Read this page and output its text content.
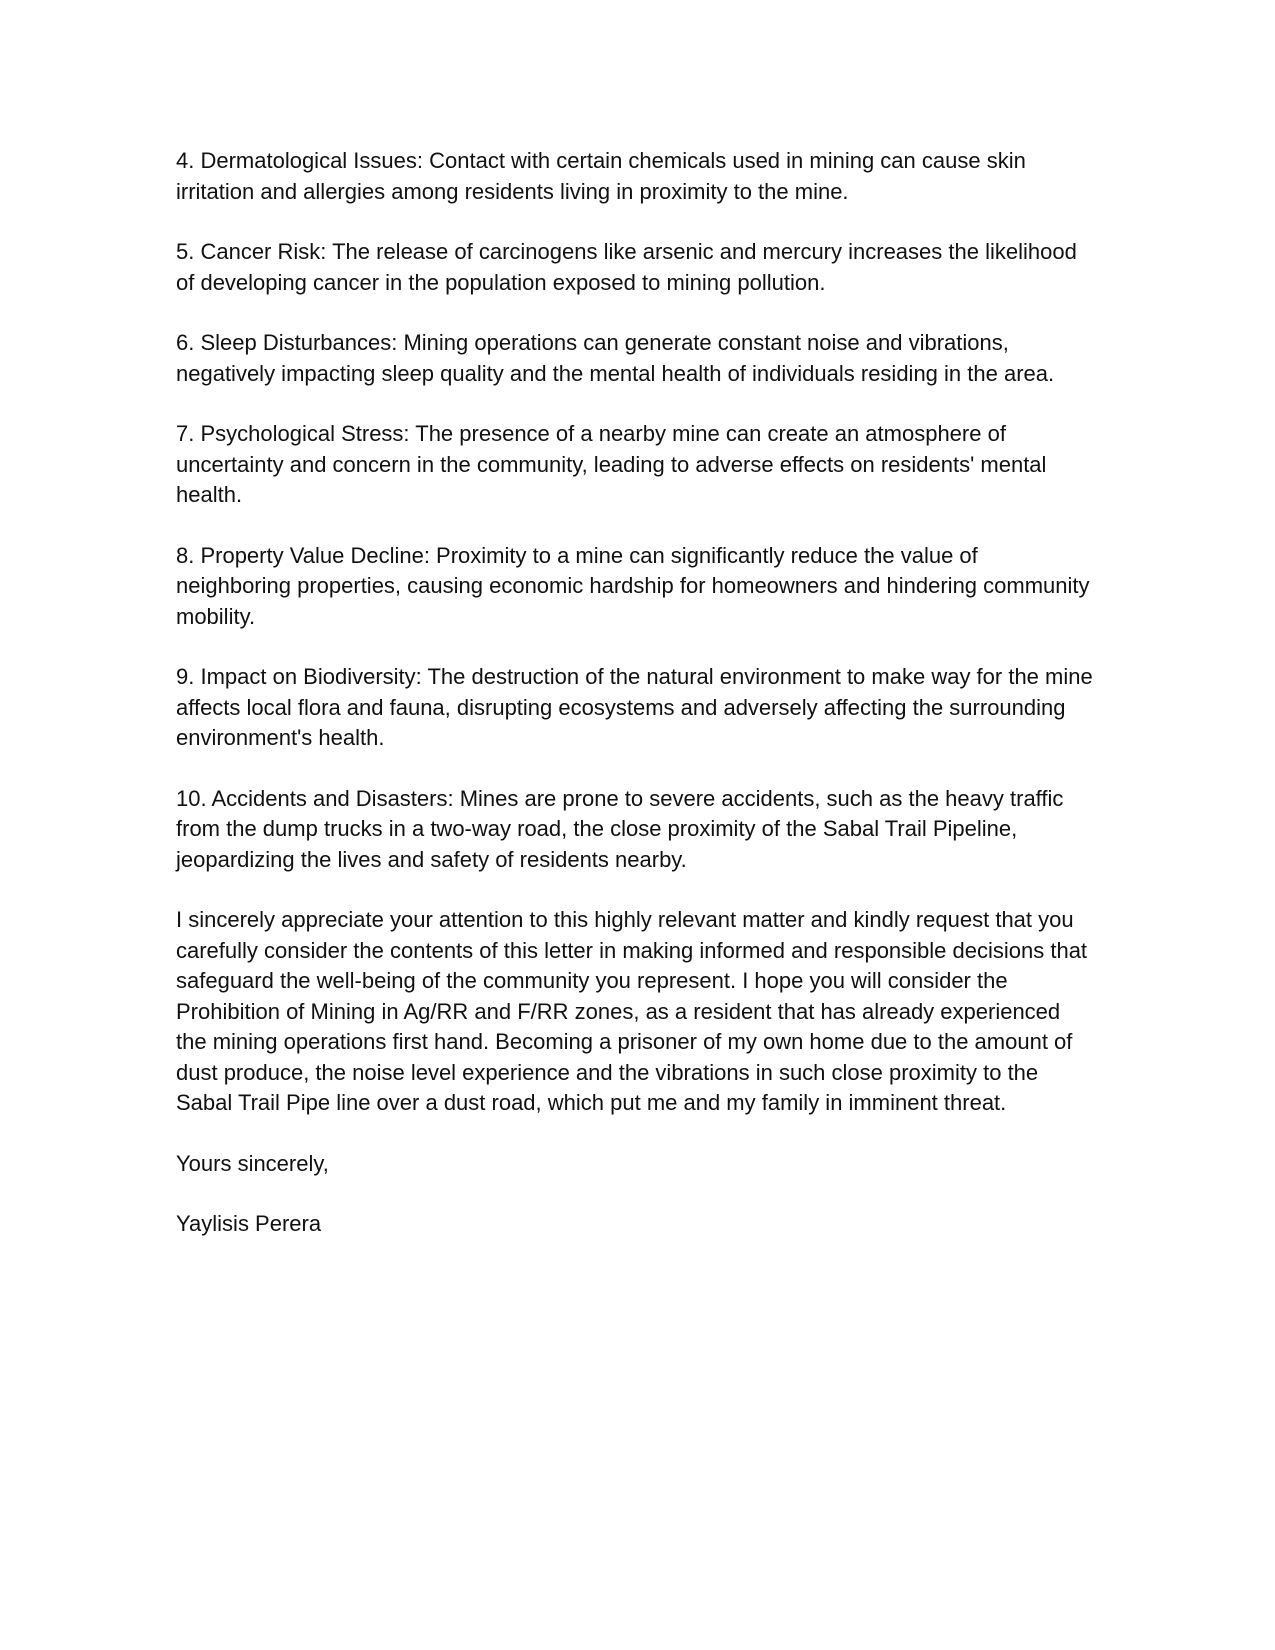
4. Dermatological Issues: Contact with certain chemicals used in mining can cause skin irritation and allergies among residents living in proximity to the mine.

5. Cancer Risk: The release of carcinogens like arsenic and mercury increases the likelihood of developing cancer in the population exposed to mining pollution.

6. Sleep Disturbances: Mining operations can generate constant noise and vibrations, negatively impacting sleep quality and the mental health of individuals residing in the area.

7. Psychological Stress: The presence of a nearby mine can create an atmosphere of uncertainty and concern in the community, leading to adverse effects on residents' mental health.

8. Property Value Decline: Proximity to a mine can significantly reduce the value of neighboring properties, causing economic hardship for homeowners and hindering community mobility.

9. Impact on Biodiversity: The destruction of the natural environment to make way for the mine affects local flora and fauna, disrupting ecosystems and adversely affecting the surrounding environment's health.

10. Accidents and Disasters: Mines are prone to severe accidents, such as the heavy traffic from the dump trucks in a two-way road, the close proximity of the Sabal Trail Pipeline, jeopardizing the lives and safety of residents nearby.

I sincerely appreciate your attention to this highly relevant matter and kindly request that you carefully consider the contents of this letter in making informed and responsible decisions that safeguard the well-being of the community you represent. I hope you will consider the Prohibition of Mining in Ag/RR and F/RR zones, as a resident that has already experienced the mining operations first hand. Becoming a prisoner of my own home due to the amount of dust produce, the noise level experience and the vibrations in such close proximity to the Sabal Trail Pipe line over a dust road, which put me and my family in imminent threat.

Yours sincerely,

Yaylisis Perera
